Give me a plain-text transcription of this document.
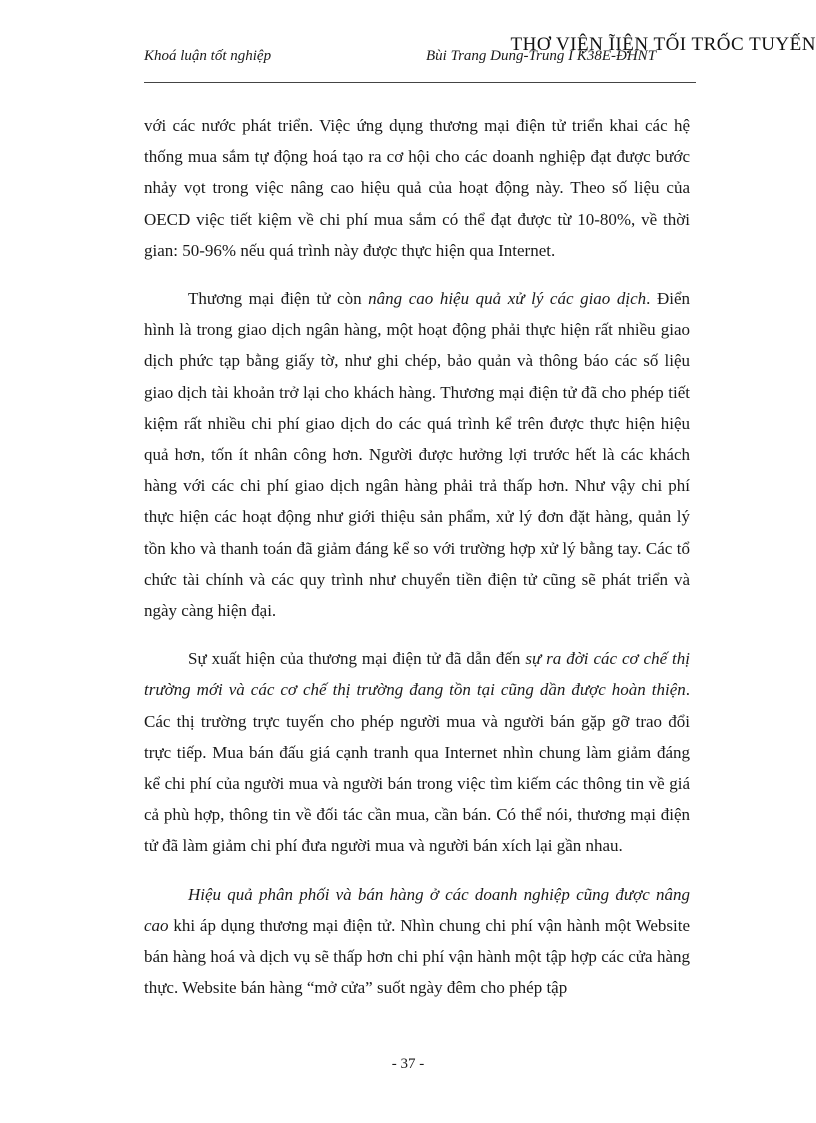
THƠ VIỆN ĨIỆN TỐI TRỐC TUYẾN
Khoá luận tốt nghiệp	Bùi Trang Dung-Trung I K38E-ĐHNT

với các nước phát triển. Việc ứng dụng thương mại điện tử triển khai các hệ thống mua sắm tự động hoá tạo ra cơ hội cho các doanh nghiệp đạt được bước nhảy vọt trong việc nâng cao hiệu quả của hoạt động này. Theo số liệu của OECD việc tiết kiệm về chi phí mua sắm có thể đạt được từ 10-80%, về thời gian: 50-96% nếu quá trình này được thực hiện qua Internet.

Thương mại điện tử còn nâng cao hiệu quả xử lý các giao dịch. Điển hình là trong giao dịch ngân hàng, một hoạt động phải thực hiện rất nhiều giao dịch phức tạp bằng giấy tờ, như ghi chép, bảo quản và thông báo các số liệu giao dịch tài khoản trở lại cho khách hàng. Thương mại điện tử đã cho phép tiết kiệm rất nhiều chi phí giao dịch do các quá trình kể trên được thực hiện hiệu quả hơn, tốn ít nhân công hơn. Người được hưởng lợi trước hết là các khách hàng với các chi phí giao dịch ngân hàng phải trả thấp hơn. Như vậy chi phí thực hiện các hoạt động như giới thiệu sản phẩm, xử lý đơn đặt hàng, quản lý tồn kho và thanh toán đã giảm đáng kể so với trường hợp xử lý bằng tay. Các tổ chức tài chính và các quy trình như chuyển tiền điện tử cũng sẽ phát triển và ngày càng hiện đại.

Sự xuất hiện của thương mại điện tử đã dẫn đến sự ra đời các cơ chế thị trường mới và các cơ chế thị trường đang tồn tại cũng dần được hoàn thiện. Các thị trường trực tuyến cho phép người mua và người bán gặp gỡ trao đổi trực tiếp. Mua bán đấu giá cạnh tranh qua Internet nhìn chung làm giảm đáng kể chi phí của người mua và người bán trong việc tìm kiếm các thông tin về giá cả phù hợp, thông tin về đối tác cần mua, cần bán. Có thể nói, thương mại điện tử đã làm giảm chi phí đưa người mua và người bán xích lại gần nhau.

Hiệu quả phân phối và bán hàng ở các doanh nghiệp cũng được nâng cao khi áp dụng thương mại điện tử. Nhìn chung chi phí vận hành một Website bán hàng hoá và dịch vụ sẽ thấp hơn chi phí vận hành một tập hợp các cửa hàng thực. Website bán hàng “mở cửa” suốt ngày đêm cho phép tập

- 37 -
